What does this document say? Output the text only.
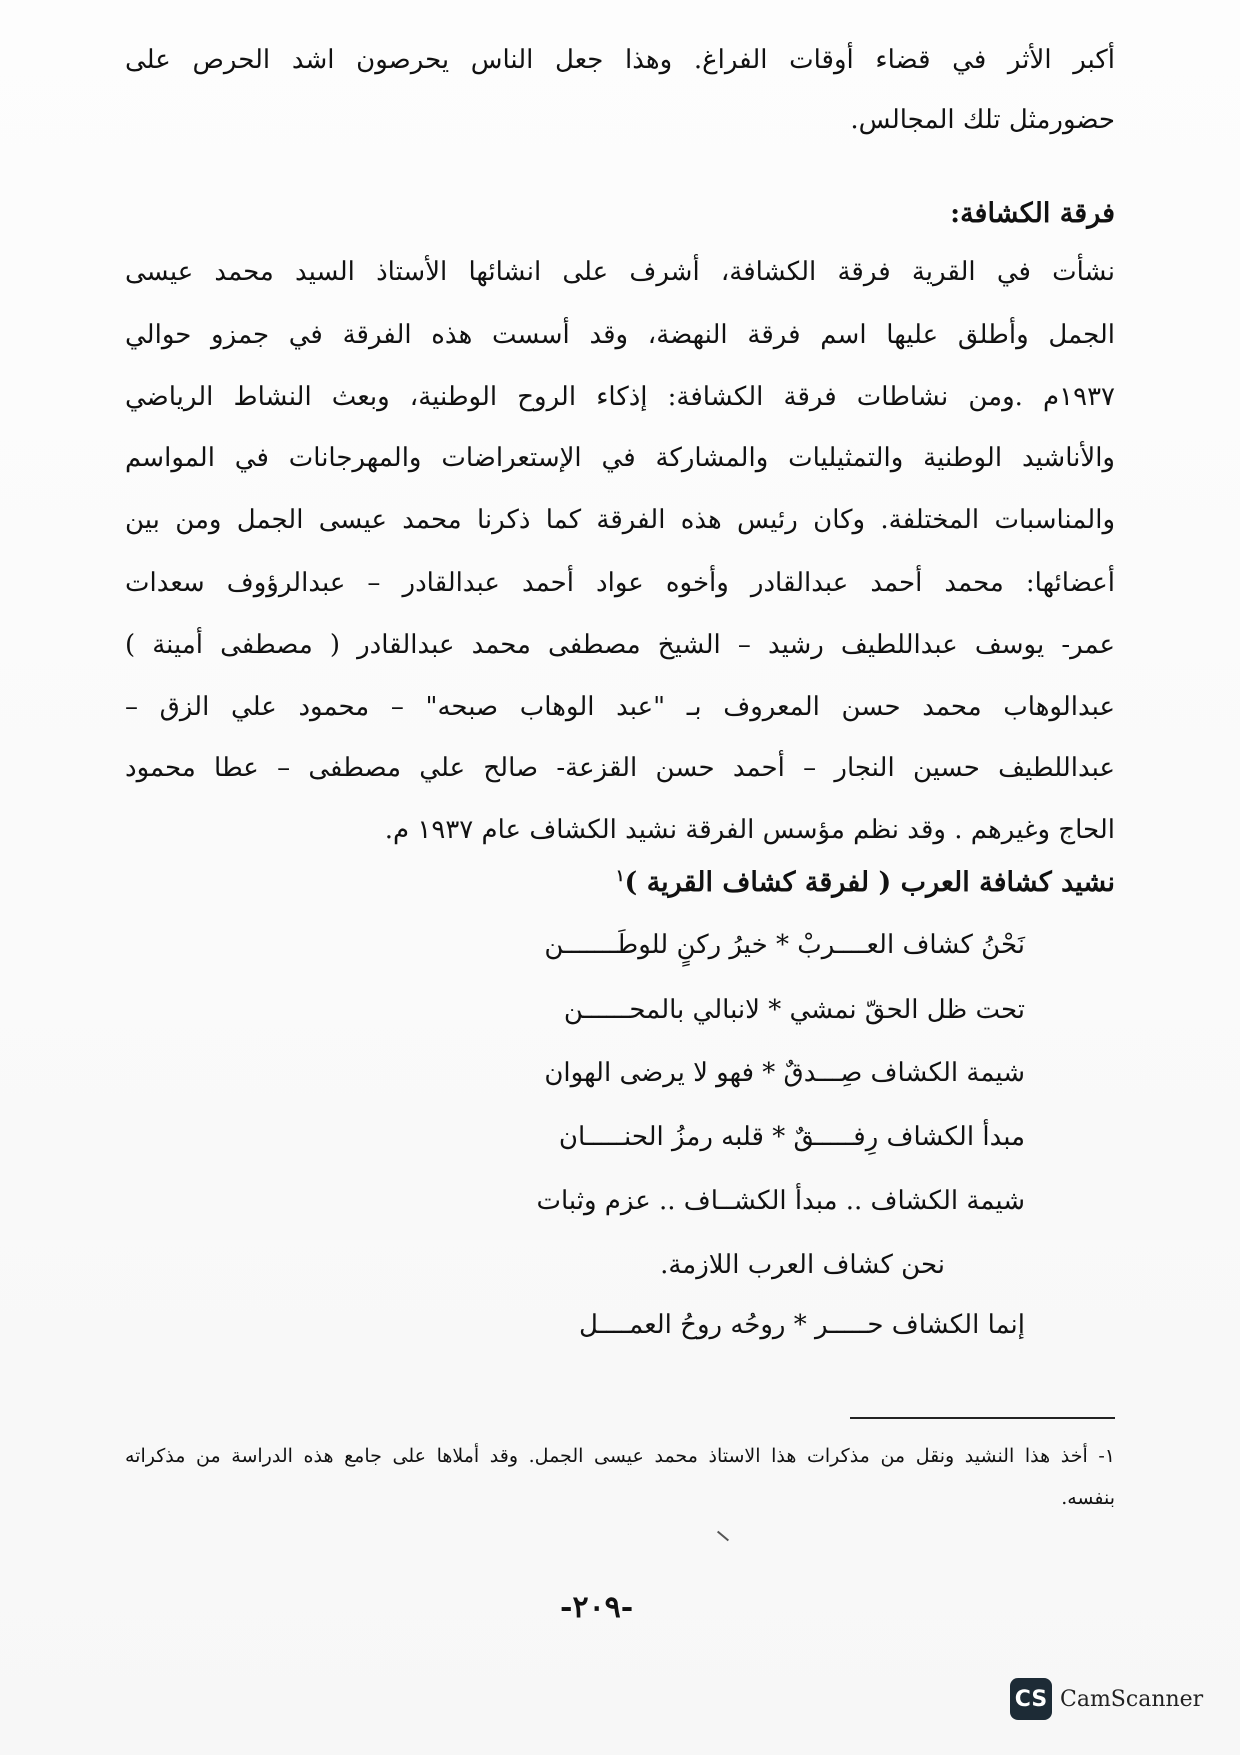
أكبر الأثر في قضاء أوقات الفراغ. وهذا جعل الناس يحرصون اشد الحرص على
حضورمثل تلك المجالس.
فرقة الكشافة:
نشأت في القرية فرقة الكشافة، أشرف على انشائها الأستاذ السيد محمد عيسى
الجمل وأطلق عليها اسم فرقة النهضة، وقد أسست هذه الفرقة في جمزو حوالي
١٩٣٧م .ومن نشاطات فرقة الكشافة: إذكاء الروح الوطنية، وبعث النشاط الرياضي
والأناشيد الوطنية والتمثيليات والمشاركة في الإستعراضات والمهرجانات في المواسم
والمناسبات المختلفة. وكان رئيس هذه الفرقة كما ذكرنا محمد عيسى الجمل ومن بين
أعضائها: محمد أحمد عبدالقادر وأخوه عواد أحمد عبدالقادر – عبدالرؤوف سعدات
عمر- يوسف عبداللطيف رشيد – الشيخ مصطفى محمد عبدالقادر ( مصطفى أمينة )
عبدالوهاب محمد حسن المعروف بـ "عبد الوهاب صبحه" – محمود علي الزق –
عبداللطيف حسين النجار – أحمد حسن القزعة- صالح علي مصطفى – عطا محمود
الحاج وغيرهم . وقد نظم مؤسس الفرقة نشيد الكشاف عام ١٩٣٧ م.
نشيد كشافة العرب ( لفرقة كشاف القرية )$^١$
نَحْنُ كشاف العــــربْ * خيرُ ركنٍ للوطَـــــــن
تحت ظل الحقّ نمشي * لانبالي بالمحــــــن
شيمة الكشاف صِـــدقٌ * فهو لا يرضى الهوان
مبدأ الكشاف رِفـــــقٌ * قلبه رمزُ الحنـــــان
شيمة الكشاف .. مبدأ الكشــاف .. عزم وثبات
نحن كشاف العرب اللازمة.
إنما الكشاف حـــــر * روحُه روحُ العمــــل
١- أخذ هذا النشيد ونقل من مذكرات هذا الاستاذ محمد عيسى الجمل. وقد أملاها على جامع هذه الدراسة من مذكراته
بنفسه.
-٢٠٩-
CS CamScanner
